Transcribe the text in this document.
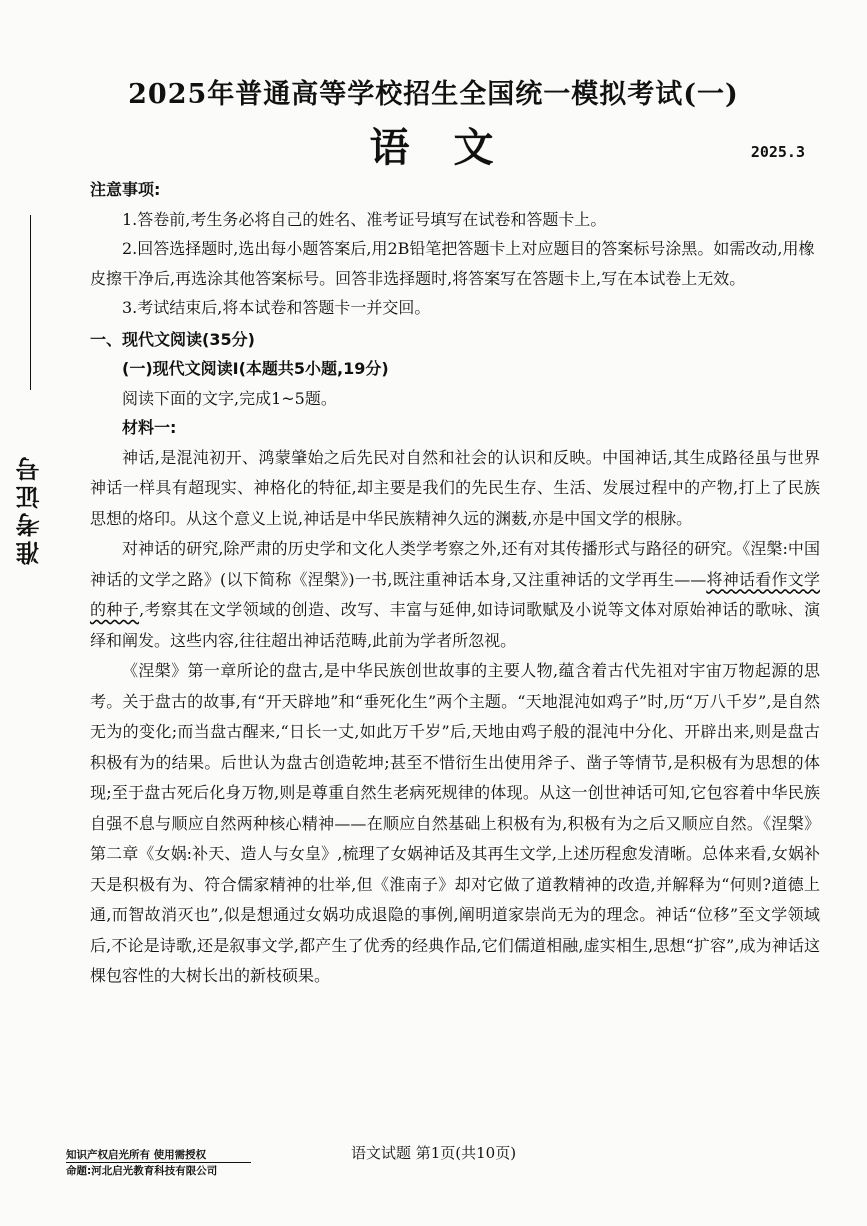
2025年普通高等学校招生全国统一模拟考试(一)
语文	2025.3
准考证号

注意事项:

1.答卷前,考生务必将自己的姓名、准考证号填写在试卷和答题卡上。

2.回答选择题时,选出每小题答案后,用2B铅笔把答题卡上对应题目的答案标号涂黑。如需改动,用橡皮擦干净后,再选涂其他答案标号。回答非选择题时,将答案写在答题卡上,写在本试卷上无效。

3.考试结束后,将本试卷和答题卡一并交回。

一、现代文阅读(35分)

(一)现代文阅读Ⅰ(本题共5小题,19分)

阅读下面的文字,完成1~5题。

材料一:

神话,是混沌初开、鸿蒙肇始之后先民对自然和社会的认识和反映。中国神话,其生成路径虽与世界神话一样具有超现实、神格化的特征,却主要是我们的先民生存、生活、发展过程中的产物,打上了民族思想的烙印。从这个意义上说,神话是中华民族精神久远的渊薮,亦是中国文学的根脉。

对神话的研究,除严肃的历史学和文化人类学考察之外,还有对其传播形式与路径的研究。《涅槃:中国神话的文学之路》(以下简称《涅槃》)一书,既注重神话本身,又注重神话的文学再生——将神话看作文学的种子,考察其在文学领域的创造、改写、丰富与延伸,如诗词歌赋及小说等文体对原始神话的歌咏、演绎和阐发。这些内容,往往超出神话范畴,此前为学者所忽视。

《涅槃》第一章所论的盘古,是中华民族创世故事的主要人物,蕴含着古代先祖对宇宙万物起源的思考。关于盘古的故事,有“开天辟地”和“垂死化生”两个主题。“天地混沌如鸡子”时,历“万八千岁”,是自然无为的变化;而当盘古醒来,“日长一丈,如此万千岁”后,天地由鸡子般的混沌中分化、开辟出来,则是盘古积极有为的结果。后世认为盘古创造乾坤;甚至不惜衍生出使用斧子、凿子等情节,是积极有为思想的体现;至于盘古死后化身万物,则是尊重自然生老病死规律的体现。从这一创世神话可知,它包容着中华民族自强不息与顺应自然两种核心精神——在顺应自然基础上积极有为,积极有为之后又顺应自然。《涅槃》第二章《女娲:补天、造人与女皇》,梳理了女娲神话及其再生文学,上述历程愈发清晰。总体来看,女娲补天是积极有为、符合儒家精神的壮举,但《淮南子》却对它做了道教精神的改造,并解释为“何则?道德上通,而智故消灭也”,似是想通过女娲功成退隐的事例,阐明道家崇尚无为的理念。神话“位移”至文学领域后,不论是诗歌,还是叙事文学,都产生了优秀的经典作品,它们儒道相融,虚实相生,思想“扩容”,成为神话这棵包容性的大树长出的新枝硕果。

知识产权启光所有 使用需授权
命题:河北启光教育科技有限公司
语文试题 第1页(共10页)
